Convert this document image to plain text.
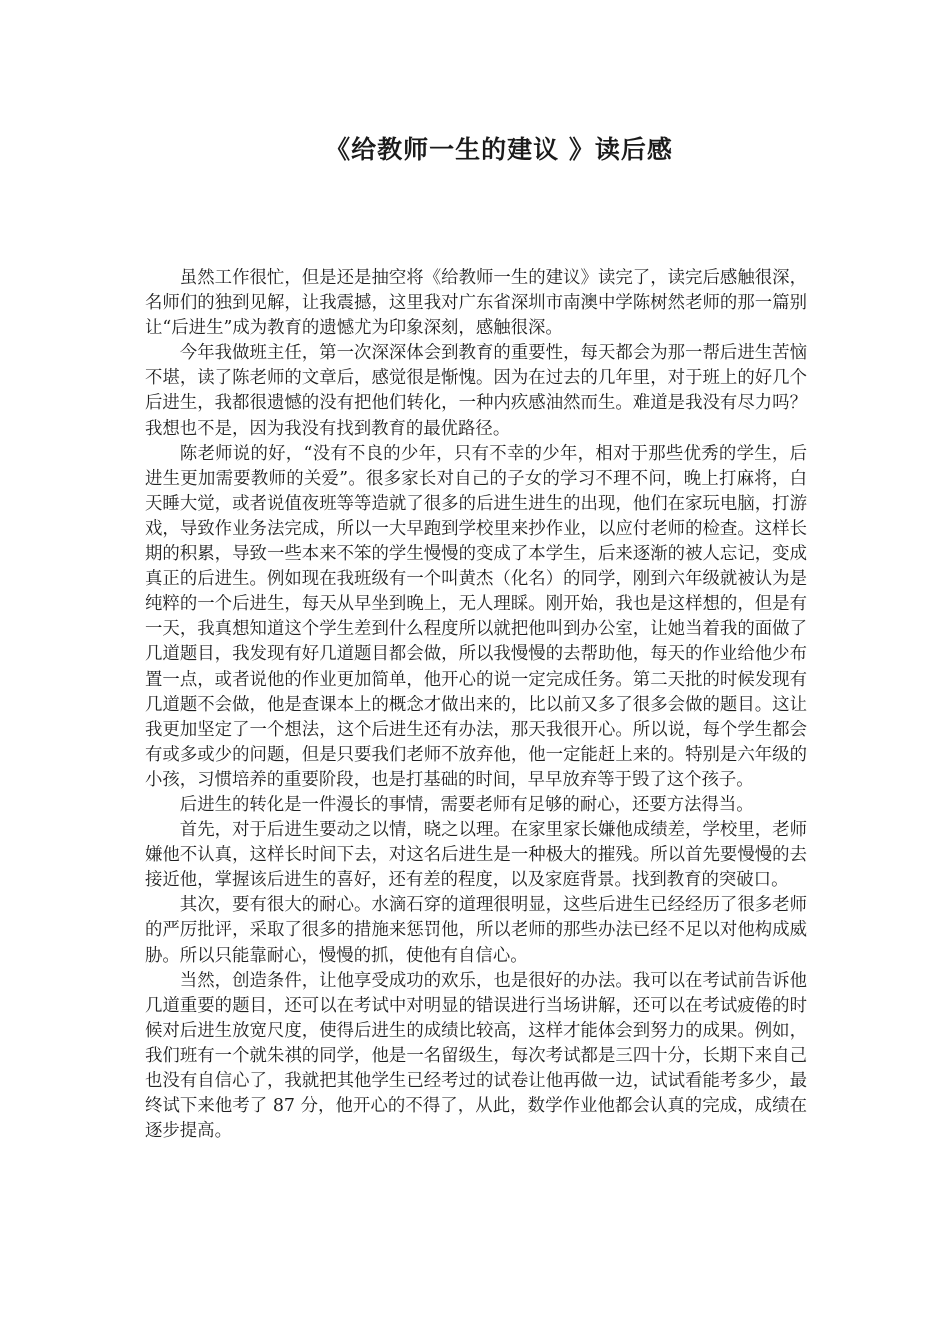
《给教师一生的建议 》读后感

虽然工作很忙，但是还是抽空将《给教师一生的建议》读完了，读完后感触很深，名师们的独到见解，让我震撼，这里我对广东省深圳市南澳中学陈树然老师的那一篇别让“后进生”成为教育的遗憾尤为印象深刻，感触很深。

今年我做班主任，第一次深深体会到教育的重要性，每天都会为那一帮后进生苦恼不堪，读了陈老师的文章后，感觉很是惭愧。因为在过去的几年里，对于班上的好几个后进生，我都很遗憾的没有把他们转化，一种内疚感油然而生。难道是我没有尽力吗？我想也不是，因为我没有找到教育的最优路径。

陈老师说的好，“没有不良的少年，只有不幸的少年，相对于那些优秀的学生，后进生更加需要教师的关爱”。很多家长对自己的子女的学习不理不问，晚上打麻将，白天睡大觉，或者说值夜班等等造就了很多的后进生进生的出现，他们在家玩电脑，打游戏，导致作业务法完成，所以一大早跑到学校里来抄作业，以应付老师的检查。这样长期的积累，导致一些本来不笨的学生慢慢的变成了本学生，后来逐渐的被人忘记，变成真正的后进生。例如现在我班级有一个叫黄杰（化名）的同学，刚到六年级就被认为是纯粹的一个后进生，每天从早坐到晚上，无人理睬。刚开始，我也是这样想的，但是有一天，我真想知道这个学生差到什么程度所以就把他叫到办公室，让她当着我的面做了几道题目，我发现有好几道题目都会做，所以我慢慢的去帮助他，每天的作业给他少布置一点，或者说他的作业更加简单，他开心的说一定完成任务。第二天批的时候发现有几道题不会做，他是查课本上的概念才做出来的，比以前又多了很多会做的题目。这让我更加坚定了一个想法，这个后进生还有办法，那天我很开心。所以说，每个学生都会有或多或少的问题，但是只要我们老师不放弃他，他一定能赶上来的。特别是六年级的小孩，习惯培养的重要阶段，也是打基础的时间，早早放弃等于毁了这个孩子。

后进生的转化是一件漫长的事情，需要老师有足够的耐心，还要方法得当。

首先，对于后进生要动之以情，晓之以理。在家里家长嫌他成绩差，学校里，老师嫌他不认真，这样长时间下去，对这名后进生是一种极大的摧残。所以首先要慢慢的去接近他，掌握该后进生的喜好，还有差的程度，以及家庭背景。找到教育的突破口。

其次，要有很大的耐心。水滴石穿的道理很明显，这些后进生已经经历了很多老师的严厉批评，采取了很多的措施来惩罚他，所以老师的那些办法已经不足以对他构成威胁。所以只能靠耐心，慢慢的抓，使他有自信心。

当然，创造条件，让他享受成功的欢乐，也是很好的办法。我可以在考试前告诉他几道重要的题目，还可以在考试中对明显的错误进行当场讲解，还可以在考试疲倦的时候对后进生放宽尺度，使得后进生的成绩比较高，这样才能体会到努力的成果。例如，我们班有一个就朱祺的同学，他是一名留级生，每次考试都是三四十分，长期下来自己也没有自信心了，我就把其他学生已经考过的试卷让他再做一边，试试看能考多少，最终试下来他考了 87 分，他开心的不得了，从此，数学作业他都会认真的完成，成绩在逐步提高。
